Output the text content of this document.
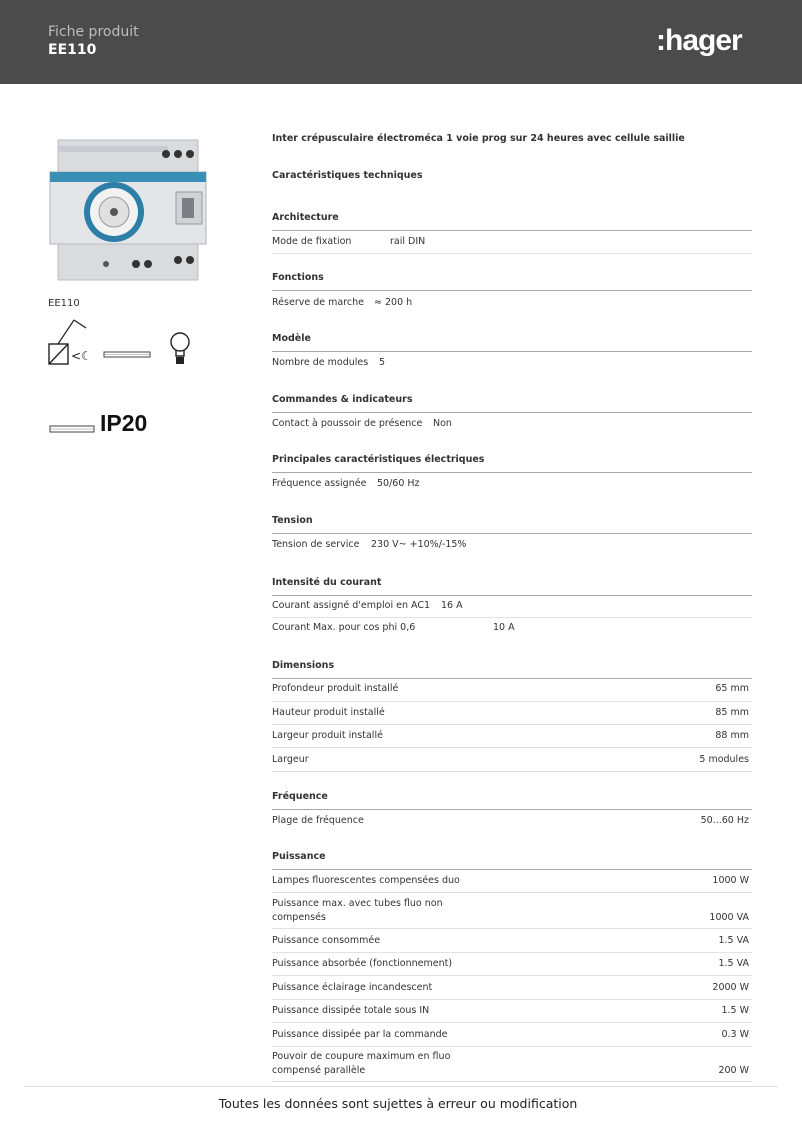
Fiche produit
EE110	:hager
EE110
<☾
IP20
Inter crépusculaire électroméca 1 voie prog sur 24 heures avec cellule saillie
Caractéristiques techniques
Architecture
Mode de fixation	rail DIN
Fonctions
Réserve de marche ≈ 200 h
Modèle
Nombre de modules 5
Commandes & indicateurs
Contact à poussoir de présence Non
Principales caractéristiques électriques
Fréquence assignée 50/60 Hz
Tension
Tension de service 230 V~ +10%/-15%
Intensité du courant
Courant assigné d'emploi en AC1 16 A
Courant Max. pour cos phi 0,6	10 A
Dimensions
Profondeur produit installé	65 mm
Hauteur produit installé	85 mm
Largeur produit installé	88 mm
Largeur	5 modules
Fréquence
Plage de fréquence	50...60 Hz
Puissance
Lampes fluorescentes compensées duo	1000 W
Puissance max. avec tubes fluo non
compensés	1000 VA
Puissance consommée	1.5 VA
Puissance absorbée (fonctionnement)	1.5 VA
Puissance éclairage incandescent	2000 W
Puissance dissipée totale sous IN	1.5 W
Puissance dissipée par la commande	0.3 W
Pouvoir de coupure maximum en fluo
compensé parallèle	200 W
Toutes les données sont sujettes à erreur ou modification
